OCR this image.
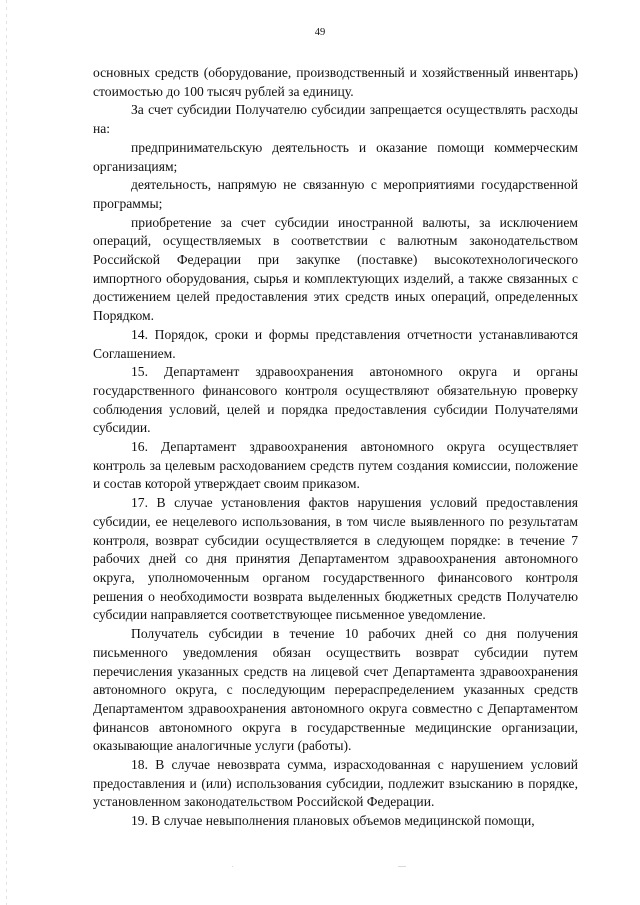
49

основных средств (оборудование, производственный и хозяйственный инвентарь) стоимостью до 100 тысяч рублей за единицу.

За счет субсидии Получателю субсидии запрещается осуществлять расходы на:

предпринимательскую деятельность и оказание помощи коммерческим организациям;

деятельность, напрямую не связанную с мероприятиями государственной программы;

приобретение за счет субсидии иностранной валюты, за исключением операций, осуществляемых в соответствии с валютным законодательством Российской Федерации при закупке (поставке) высокотехнологического импортного оборудования, сырья и комплектующих изделий, а также связанных с достижением целей предоставления этих средств иных операций, определенных Порядком.

14. Порядок, сроки и формы представления отчетности устанавливаются Соглашением.

15. Департамент здравоохранения автономного округа и органы государственного финансового контроля осуществляют обязательную проверку соблюдения условий, целей и порядка предоставления субсидии Получателями субсидии.

16. Департамент здравоохранения автономного округа осуществляет контроль за целевым расходованием средств путем создания комиссии, положение и состав которой утверждает своим приказом.

17. В случае установления фактов нарушения условий предоставления субсидии, ее нецелевого использования, в том числе выявленного по результатам контроля, возврат субсидии осуществляется в следующем порядке: в течение 7 рабочих дней со дня принятия Департаментом здравоохранения автономного округа, уполномоченным органом государственного финансового контроля решения о необходимости возврата выделенных бюджетных средств Получателю субсидии направляется соответствующее письменное уведомление.

Получатель субсидии в течение 10 рабочих дней со дня получения письменного уведомления обязан осуществить возврат субсидии путем перечисления указанных средств на лицевой счет Департамента здравоохранения автономного округа, с последующим перераспределением указанных средств Департаментом здравоохранения автономного округа совместно с Департаментом финансов автономного округа в государственные медицинские организации, оказывающие аналогичные услуги (работы).

18. В случае невозврата сумма, израсходованная с нарушением условий предоставления и (или) использования субсидии, подлежит взысканию в порядке, установленном законодательством Российской Федерации.

19. В случае невыполнения плановых объемов медицинской помощи,
